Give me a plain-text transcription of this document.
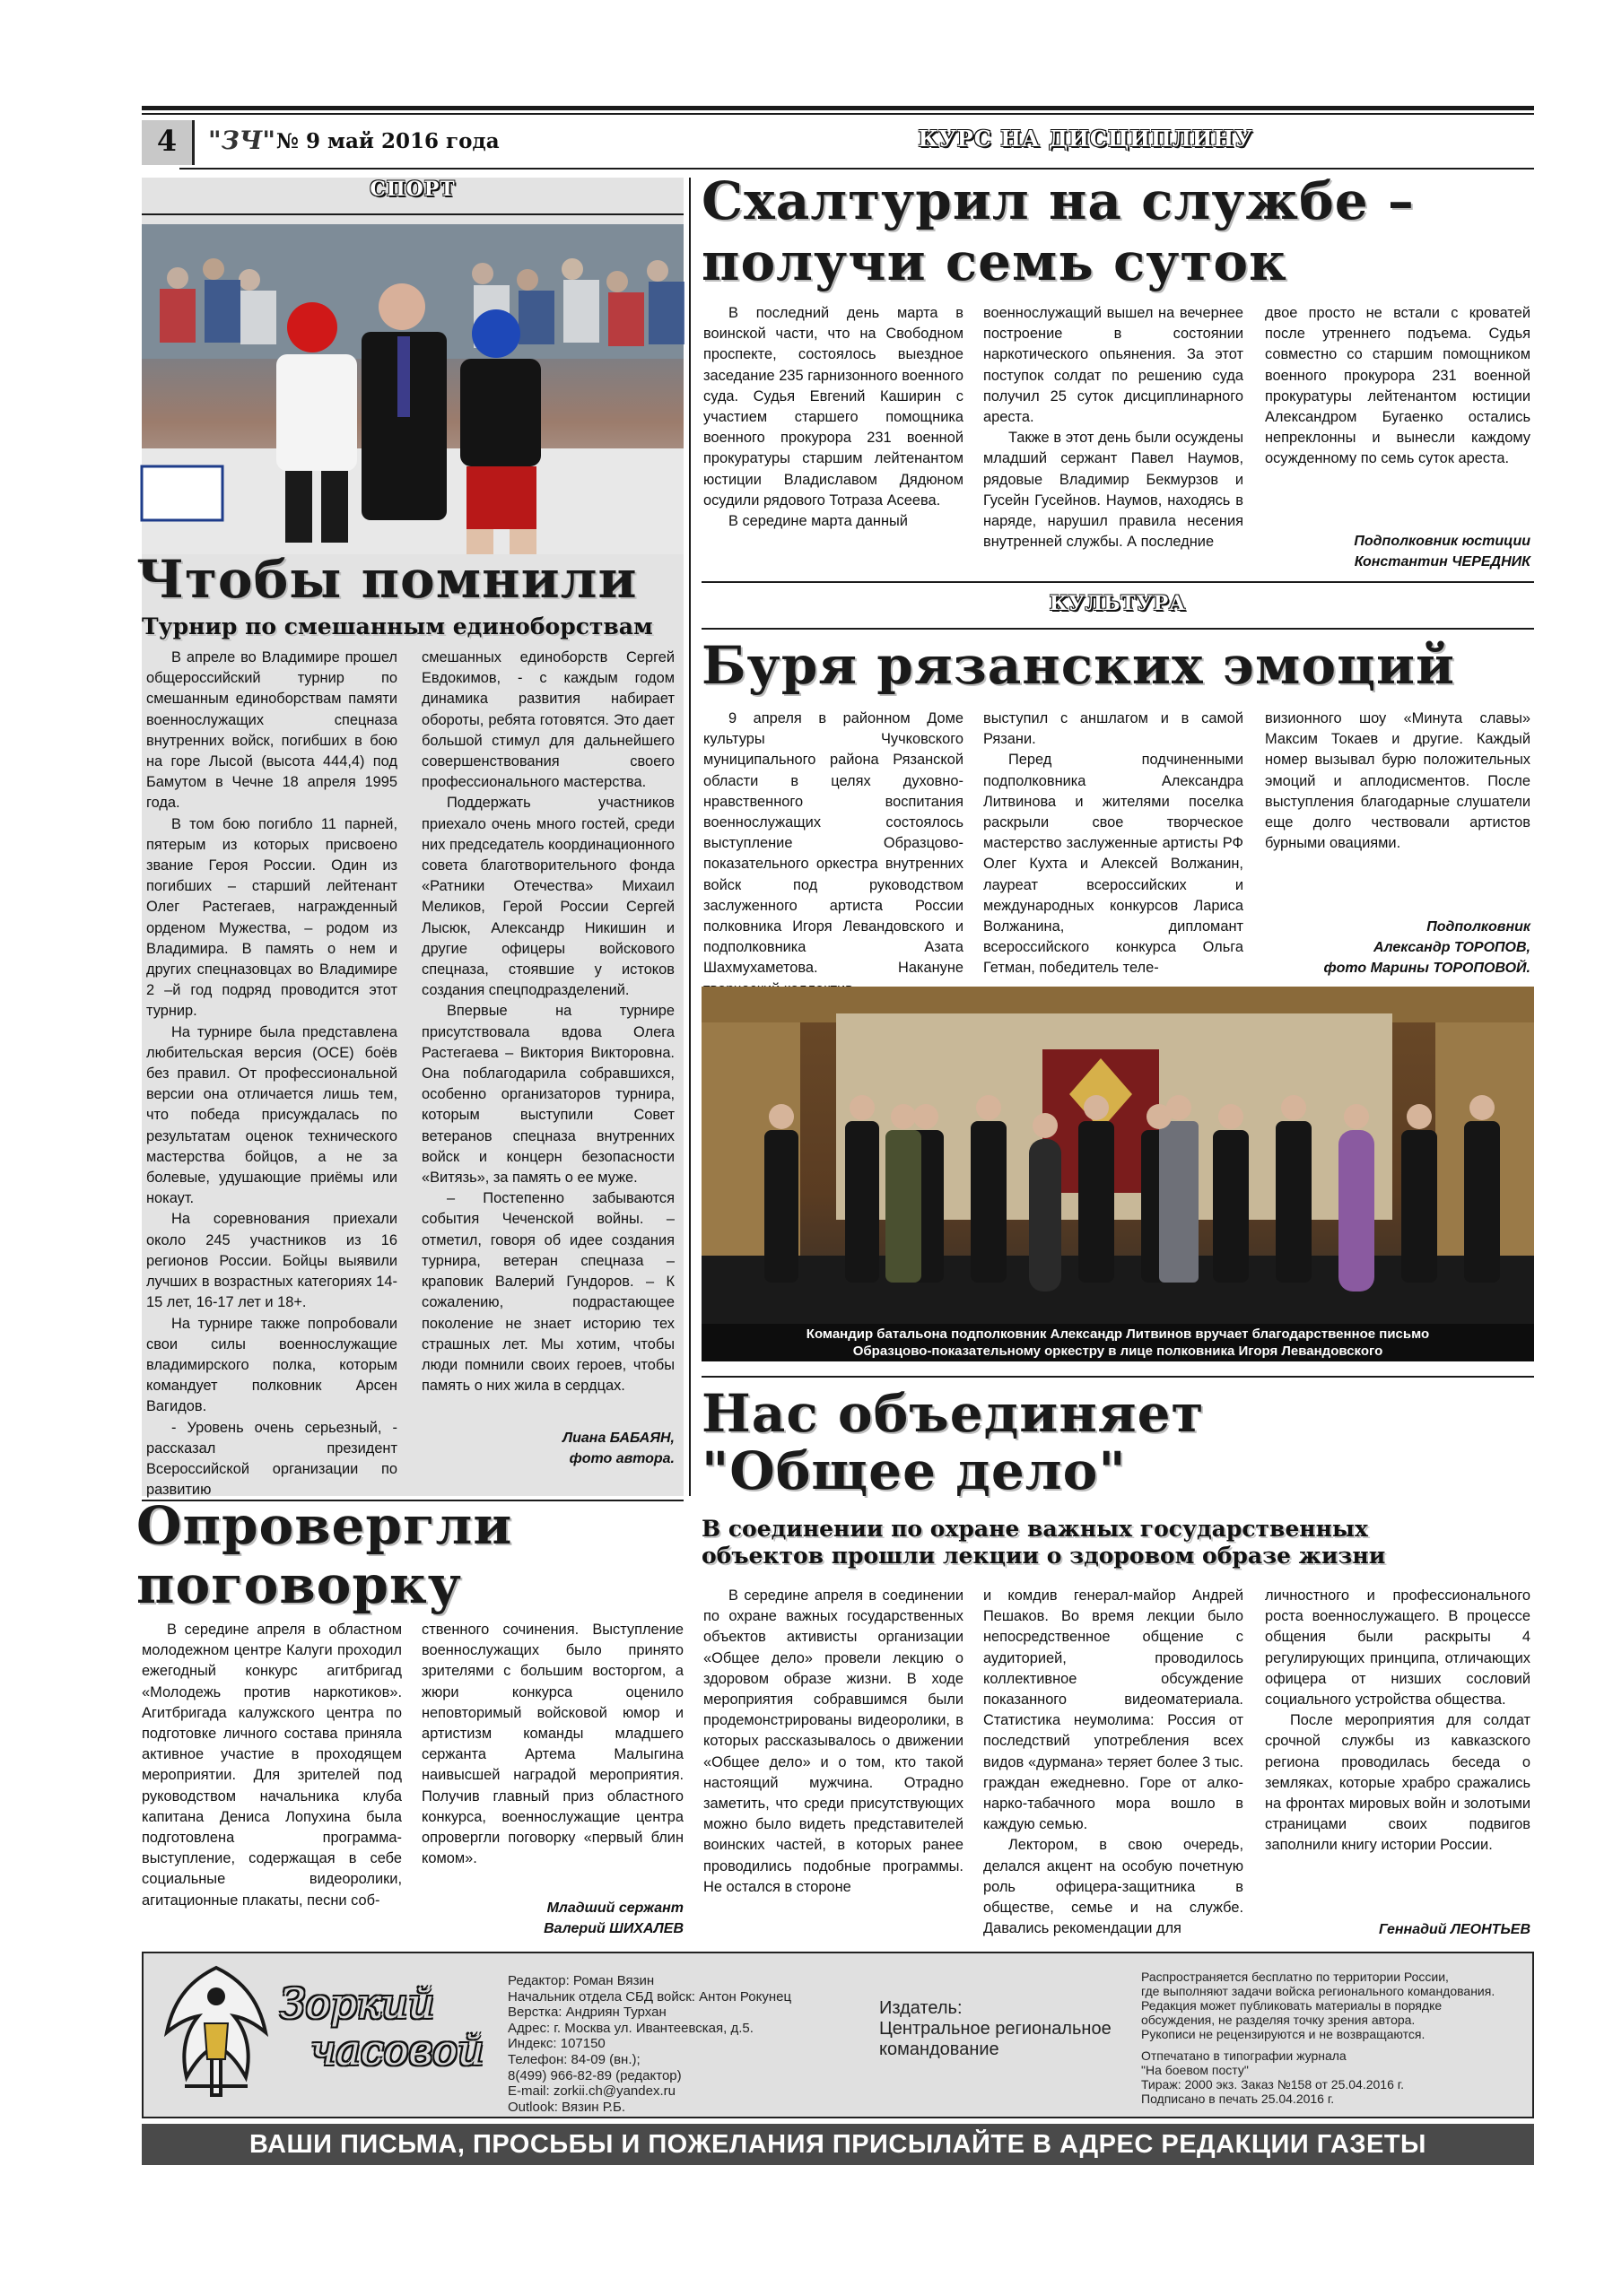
4	"ЗЧ" № 9 май 2016 года	КУРС НА ДИСЦИПЛИНУ
СПОРТ
Чтобы помнили
Турнир по смешанным единоборствам

В апреле во Владимире прошел общероссийский турнир по смешанным единоборствам памяти военнослужащих спецназа внутренних войск, погибших в бою на горе Лысой (высота 444,4) под Бамутом в Чечне 18 апреля 1995 года.

В том бою погибло 11 парней, пятерым из которых присвоено звание Героя России. Один из погибших – старший лейтенант Олег Растегаев, награжденный орденом Мужества, – родом из Владимира. В память о нем и других спецназовцах во Владимире 2 –й год подряд проводится этот турнир.

На турнире была представлена любительская версия (ОСЕ) боёв без правил. От профессиональной версии она отличается лишь тем, что победа присуждалась по результатам оценок технического мастерства бойцов, а не за болевые, удушающие приёмы или нокаут.

На соревнования приехали около 245 участников из 16 регионов России. Бойцы выявили лучших в возрастных категориях 14-15 лет, 16-17 лет и 18+.

На турнире также попробовали свои силы военнослужащие владимирского полка, которым командует полковник Арсен Вагидов.

- Уровень очень серьезный, - рассказал президент Всероссийской организации по развитию

смешанных единоборств Сергей Евдокимов, - с каждым годом динамика развития набирает обороты, ребята готовятся. Это дает большой стимул для дальнейшего совершенствования своего профессионального мастерства.

Поддержать участников приехало очень много гостей, среди них председатель координационного совета благотворительного фонда «Ратники Отечества» Михаил Меликов, Герой России Сергей Лысюк, Александр Никишин и другие офицеры войскового спецназа, стоявшие у истоков создания спецподразделений.

Впервые на турнире присутствовала вдова Олега Растегаева – Виктория Викторовна. Она поблагодарила собравшихся, особенно организаторов турнира, которым выступили Совет ветеранов спецназа внутренних войск и концерн безопасности «Витязь», за память о ее муже.

– Постепенно забываются события Чеченской войны. – отметил, говоря об идее создания турнира, ветеран спецназа – краповик Валерий Гундоров. – К сожалению, подрастающее поколение не знает историю тех страшных лет. Мы хотим, чтобы люди помнили своих героев, чтобы память о них жила в сердцах.

Лиана БАБАЯН,
фото автора.
Схалтурил на службе – получи семь суток

В последний день марта в воинской части, что на Свободном проспекте, состоялось выездное заседание 235 гарнизонного военного суда. Судья Евгений Каширин с участием старшего помощника военного прокурора 231 военной прокуратуры старшим лейтенантом юстиции Владиславом Дядюном осудили рядового Тотраза Асеева.

В середине марта данный

военнослужащий вышел на вечернее построение в состоянии наркотического опьянения. За этот поступок солдат по решению суда получил 25 суток дисциплинарного ареста.

Также в этот день были осуждены младший сержант Павел Наумов, рядовые Владимир Бекмурзов и Гусейн Гусейнов. Наумов, находясь в наряде, нарушил правила несения внутренней службы. А последние

двое просто не встали с кроватей после утреннего подъема. Судья совместно со старшим помощником военного прокурора 231 военной прокуратуры лейтенантом юстиции Александром Бугаенко остались непреклонны и вынесли каждому осужденному по семь суток ареста.

Подполковник юстиции
Константин ЧЕРЕДНИК
КУЛЬТУРА
Буря рязанских эмоций

9 апреля в районном Доме культуры Чучковского муниципального района Рязанской области в целях духовно-нравственного воспитания военнослужащих состоялось выступление Образцово-показательного оркестра внутренних войск под руководством заслуженного артиста России полковника Игоря Левандовского и подполковника Азата Шахмухаметова. Накануне

выступил с аншлагом и в самой Рязани.

Перед подчиненными подполковника Александра Литвинова и жителями поселка раскрыли свое творческое мастерство заслуженные артисты РФ Олег Кухта и Алексей Волжанин, лауреат всероссийских и международных конкурсов Лариса Волжанина, дипломант всероссийского конкурса Ольга Гетман, победитель теле-

визионного шоу «Минута славы» Максим Токаев и другие. Каждый номер вызывал бурю положительных эмоций и аплодисментов. После выступления благодарные слушатели еще долго чествовали артистов бурными овациями.

Подполковник
Александр ТОРОПОВ,
фото Марины ТОРОПОВОЙ.
Командир батальона подполковник Александр Литвинов вручает благодарственное письмо
Образцово-показательному оркестру в лице полковника Игоря Левандовского
Нас объединяет
"Общее дело"
В соединении по охране важных государственных
объектов прошли лекции о здоровом образе жизни

В середине апреля в соединении по охране важных государственных объектов активисты организации «Общее дело» провели лекцию о здоровом образе жизни. В ходе мероприятия собравшимся были продемонстрированы видеоролики, в которых рассказывалось о движении «Общее дело» и о том, кто такой настоящий мужчина. Отрадно заметить, что среди присутствующих можно было видеть представителей воинских частей, в которых ранее проводились подобные программы. Не остался в стороне

и комдив генерал-майор Андрей Пешаков. Во время лекции было непосредственное общение с аудиторией, проводилось коллективное обсуждение показанного видеоматериала. Статистика неумолима: Россия от последствий употребления всех видов «дурмана» теряет более 3 тыс. граждан ежедневно. Горе от алко-нарко-табачного мора вошло в каждую семью.

Лектором, в свою очередь, делался акцент на особую почетную роль офицера-защитника в обществе, семье и на службе. Давались рекомендации для

личностного и профессионального роста военнослужащего. В процессе общения были раскрыты 4 регулирующих принципа, отличающих офицера от низших сословий социального устройства общества.

После мероприятия для солдат срочной службы из кавказского региона проводилась беседа о земляках, которые храбро сражались на фронтах мировых войн и золотыми страницами своих подвигов заполнили книгу истории России.

Геннадий ЛЕОНТЬЕВ
Опровергли
поговорку

В середине апреля в областном молодежном центре Калуги проходил ежегодный конкурс агитбригад «Молодежь против наркотиков». Агитбригада калужского центра по подготовке личного состава приняла активное участие в проходящем мероприятии. Для зрителей под руководством начальника клуба капитана Дениса Лопухина была подготовлена программа-выступление, содержащая в себе социальные видеоролики, агитационные плакаты, песни соб-

ственного сочинения. Выступление военнослужащих было принято зрителями с большим восторгом, а жюри конкурса оценило неповторимый войсковой юмор и артистизм команды младшего сержанта Артема Малыгина наивысшей наградой мероприятия. Получив главный приз областного конкурса, военнослужащие центра опровергли поговорку «первый блин комом».

Младший сержант
Валерий ШИХАЛЕВ
Зоркий
часовой
Редактор: Роман Вязин
Начальник отдела СБД войск: Антон Рокунец
Верстка: Андриян Турхан
Адрес: г. Москва ул. Ивантеевская, д.5.
Индекс: 107150
Телефон: 84-09 (вн.);
8(499) 966-82-89 (редактор)
E-mail: zorkii.ch@yandex.ru
Outlook: Вязин Р.Б.
Издатель:
Центральное региональное
командование
Распространяется бесплатно по территории России,
где выполняют задачи войска регионального командования.
Редакция может публиковать материалы в порядке
обсуждения, не разделяя точку зрения автора.
Рукописи не рецензируются и не возвращаются.
Отпечатано в типографии журнала
"На боевом посту"
Тираж: 2000 экз. Заказ №158 от 25.04.2016 г.
Подписано в печать 25.04.2016 г.
ВАШИ ПИСЬМА, ПРОСЬБЫ И ПОЖЕЛАНИЯ ПРИСЫЛАЙТЕ В АДРЕС РЕДАКЦИИ ГАЗЕТЫ
